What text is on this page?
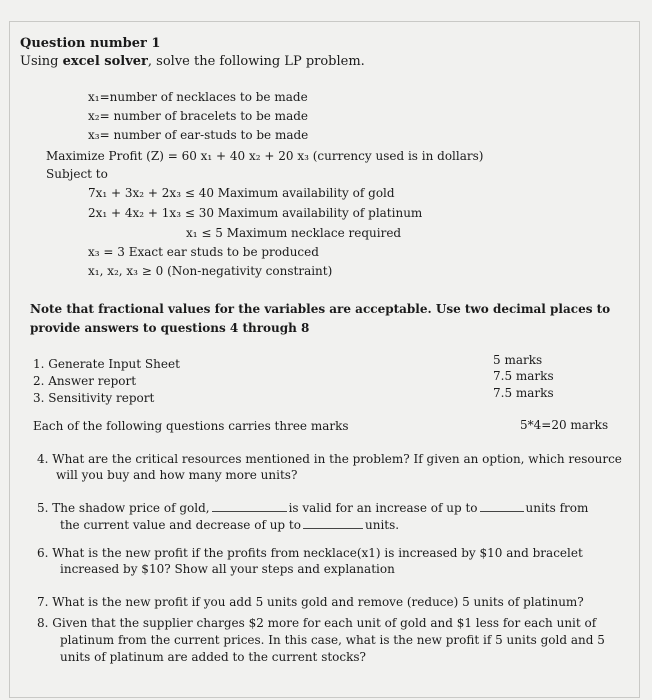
Question number 1
Using excel solver, solve the following LP problem.
x₁=number of necklaces to be made
x₂= number of bracelets to be made
x₃= number of ear-studs to be made
Maximize Profit (Z) = 60 x₁ + 40 x₂ + 20 x₃ (currency used is in dollars)
Subject to
7x₁ + 3x₂ + 2x₃ ≤ 40 Maximum availability of gold
2x₁ + 4x₂ + 1x₃ ≤ 30 Maximum availability of platinum
x₁ ≤ 5 Maximum necklace required
x₃ = 3 Exact ear studs to be produced
x₁, x₂, x₃ ≥ 0 (Non-negativity constraint)
Note that fractional values for the variables are acceptable. Use two decimal places to
provide answers to questions 4 through 8
1. Generate Input Sheet	5 marks
2. Answer report	7.5 marks
3. Sensitivity report	7.5 marks
Each of the following questions carries three marks	5*4=20 marks
4. What are the critical resources mentioned in the problem? If given an option, which resource
will you buy and how many more units?
5. The shadow price of gold,	is valid for an increase of up to	units from
the current value and decrease of up to	units.
6. What is the new profit if the profits from necklace(x1) is increased by $10 and bracelet
increased by $10? Show all your steps and explanation
7. What is the new profit if you add 5 units gold and remove (reduce) 5 units of platinum?
8. Given that the supplier charges $2 more for each unit of gold and $1 less for each unit of
platinum from the current prices. In this case, what is the new profit if 5 units gold and 5
units of platinum are added to the current stocks?
